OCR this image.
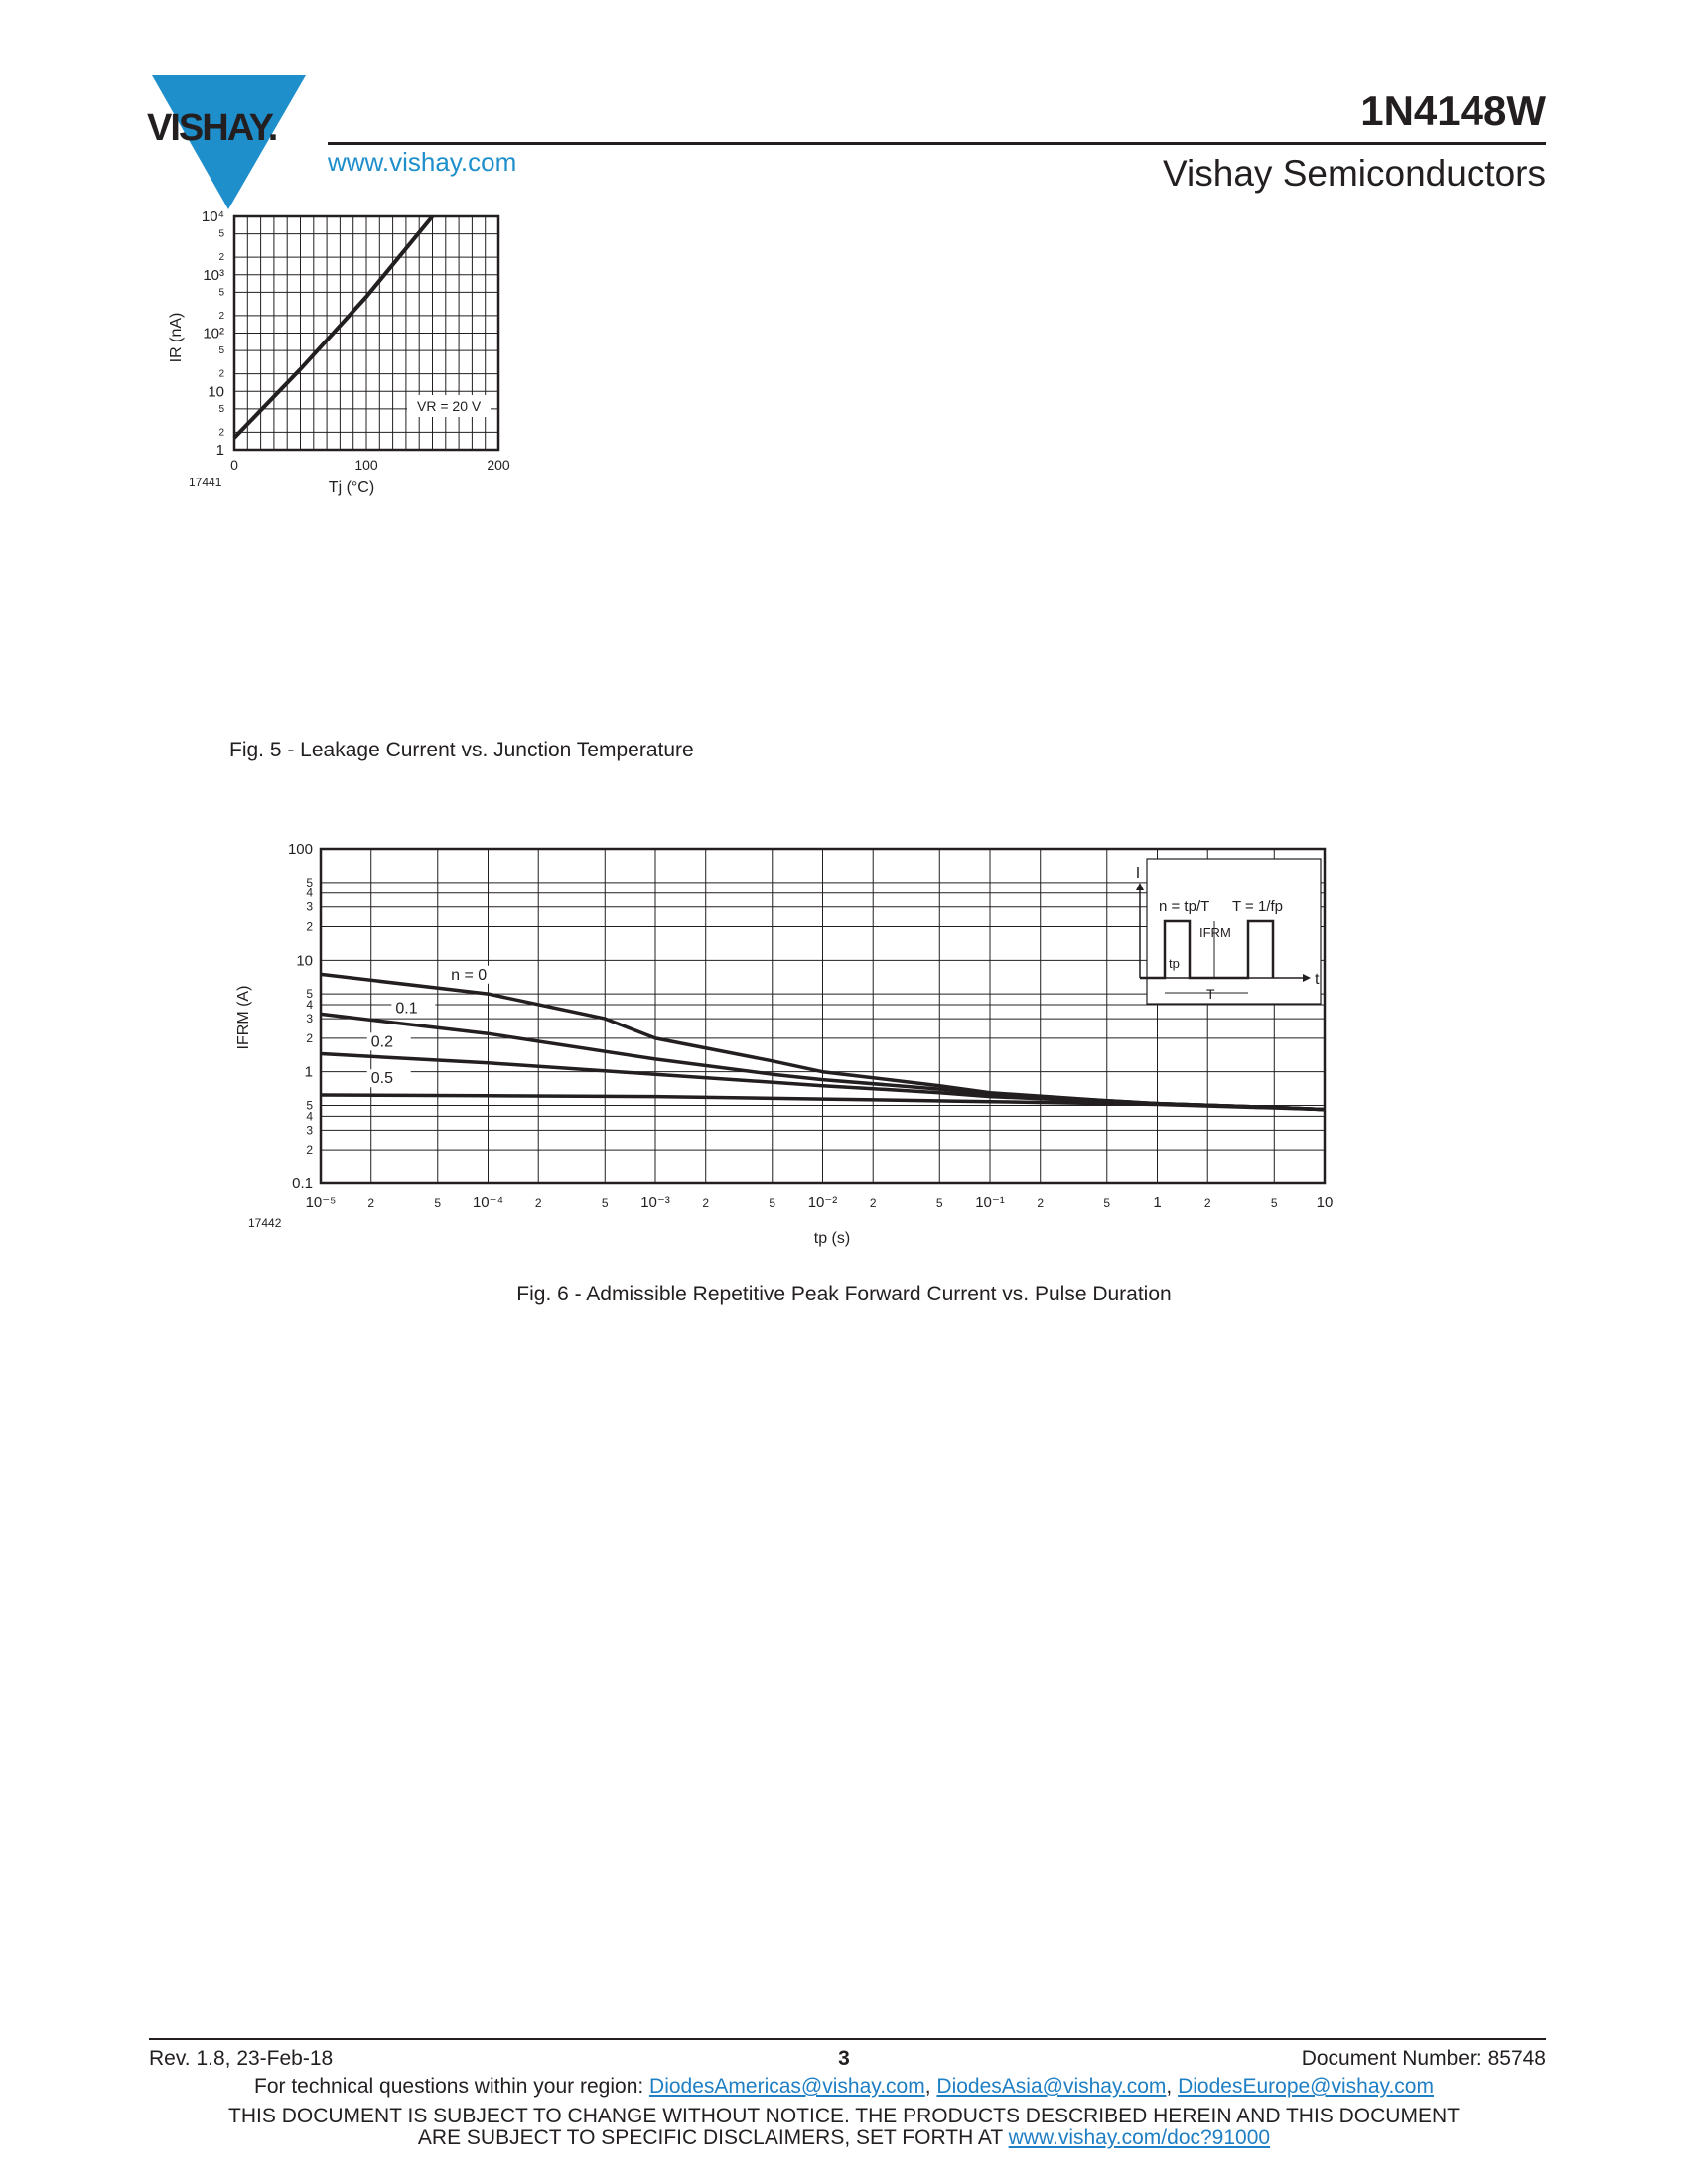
VISHAY.
www.vishay.com
1N4148W
Vishay Semiconductors
1
2
5
10
2
5
10²
2
5
10³
2
5
10⁴
0	100	200
VR = 20 V
IR (nA)
Tj (°C)
17441
Fig. 5 - Leakage Current vs. Junction Temperature
0.1
2
3
4
5
1
2
3
4
5
10
2
3
4
5
100
10⁻⁵	2	5 10⁻⁴	2	5 10⁻³	2	5 10⁻²	2	5 10⁻¹	2	5	1	2	5	10
n = 0
0.1
0.2
0.5
I
n = tp/T T = 1/fp
IFRM
tp
T
t
IFRM (A)
tp (s)
17442
Fig. 6 - Admissible Repetitive Peak Forward Current vs. Pulse Duration
Rev. 1.8, 23-Feb-18	3	Document Number: 85748
For technical questions within your region: DiodesAmericas@vishay.com, DiodesAsia@vishay.com, DiodesEurope@vishay.com
THIS DOCUMENT IS SUBJECT TO CHANGE WITHOUT NOTICE. THE PRODUCTS DESCRIBED HEREIN AND THIS DOCUMENT
ARE SUBJECT TO SPECIFIC DISCLAIMERS, SET FORTH AT www.vishay.com/doc?91000
